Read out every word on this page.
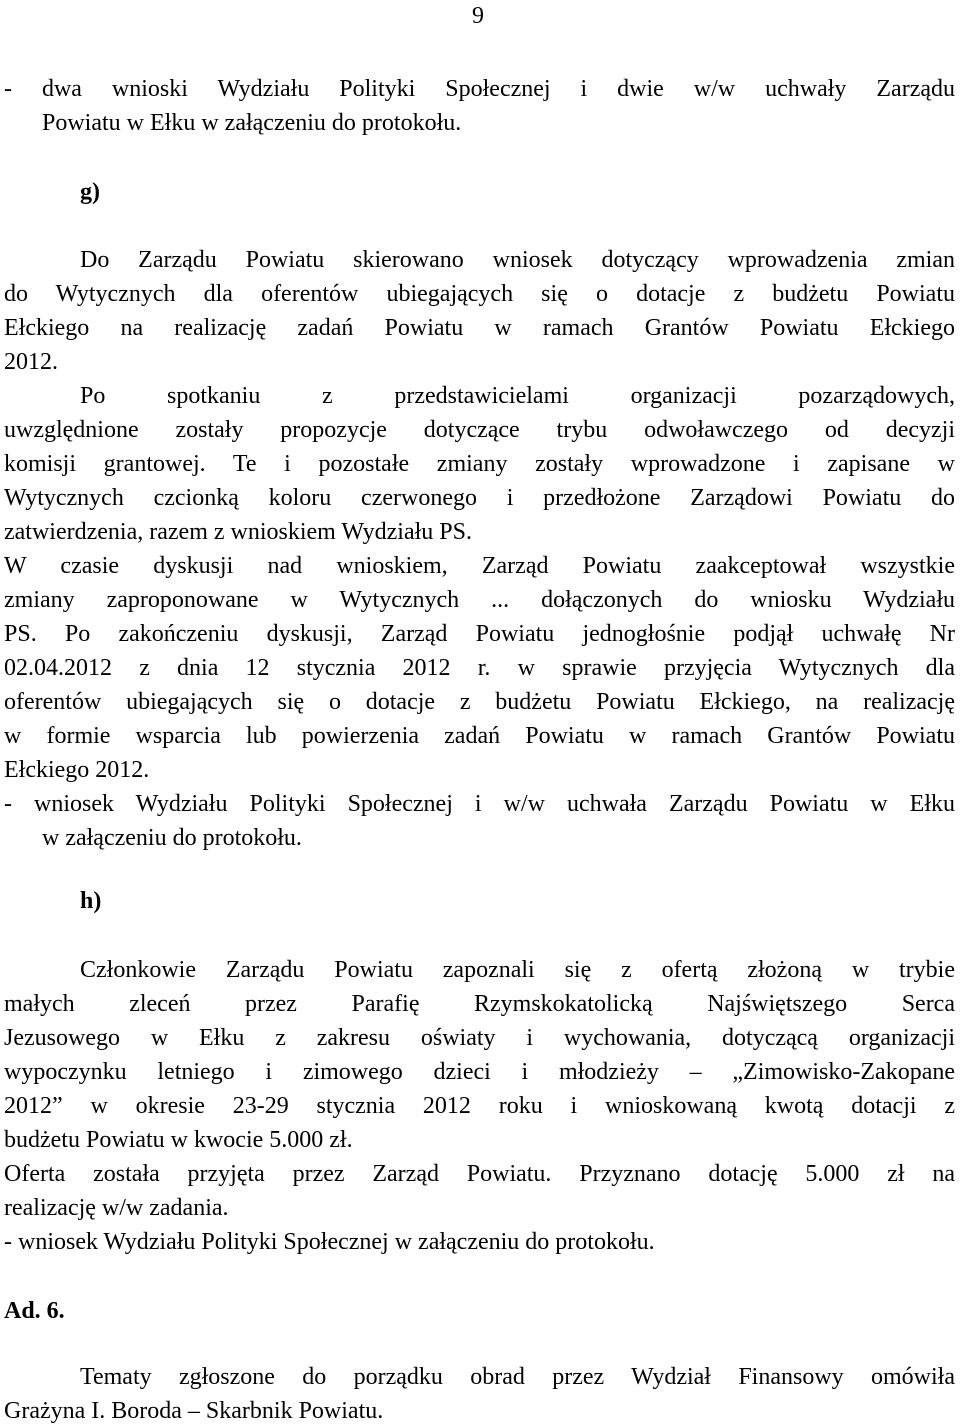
9
- dwa wnioski Wydziału Polityki Społecznej i dwie w/w uchwały Zarządu
Powiatu w Ełku w załączeniu do protokołu.
g)
Do Zarządu Powiatu skierowano wniosek dotyczący wprowadzenia zmian
do Wytycznych dla oferentów ubiegających się o dotacje z budżetu Powiatu
Ełckiego na realizację zadań Powiatu w ramach Grantów Powiatu Ełckiego
2012.
Po spotkaniu z przedstawicielami organizacji pozarządowych,
uwzględnione zostały propozycje dotyczące trybu odwoławczego od decyzji
komisji grantowej. Te i pozostałe zmiany zostały wprowadzone i zapisane w
Wytycznych czcionką koloru czerwonego i przedłożone Zarządowi Powiatu do
zatwierdzenia, razem z wnioskiem Wydziału PS.
W czasie dyskusji nad wnioskiem, Zarząd Powiatu zaakceptował wszystkie
zmiany zaproponowane w Wytycznych ... dołączonych do wniosku Wydziału
PS. Po zakończeniu dyskusji, Zarząd Powiatu jednogłośnie podjął uchwałę Nr
02.04.2012 z dnia 12 stycznia 2012 r. w sprawie przyjęcia Wytycznych dla
oferentów ubiegających się o dotacje z budżetu Powiatu Ełckiego, na realizację
w formie wsparcia lub powierzenia zadań Powiatu w ramach Grantów Powiatu
Ełckiego 2012.
- wniosek Wydziału Polityki Społecznej i w/w uchwała Zarządu Powiatu w Ełku
w załączeniu do protokołu.
h)
Członkowie Zarządu Powiatu zapoznali się z ofertą złożoną w trybie
małych zleceń przez Parafię Rzymskokatolicką Najświętszego Serca
Jezusowego w Ełku z zakresu oświaty i wychowania, dotyczącą organizacji
wypoczynku letniego i zimowego dzieci i młodzieży – „Zimowisko-Zakopane
2012” w okresie 23-29 stycznia 2012 roku i wnioskowaną kwotą dotacji z
budżetu Powiatu w kwocie 5.000 zł.
Oferta została przyjęta przez Zarząd Powiatu. Przyznano dotację 5.000 zł na
realizację w/w zadania.
- wniosek Wydziału Polityki Społecznej w załączeniu do protokołu.
Ad. 6.
Tematy zgłoszone do porządku obrad przez Wydział Finansowy omówiła
Grażyna I. Boroda – Skarbnik Powiatu.
